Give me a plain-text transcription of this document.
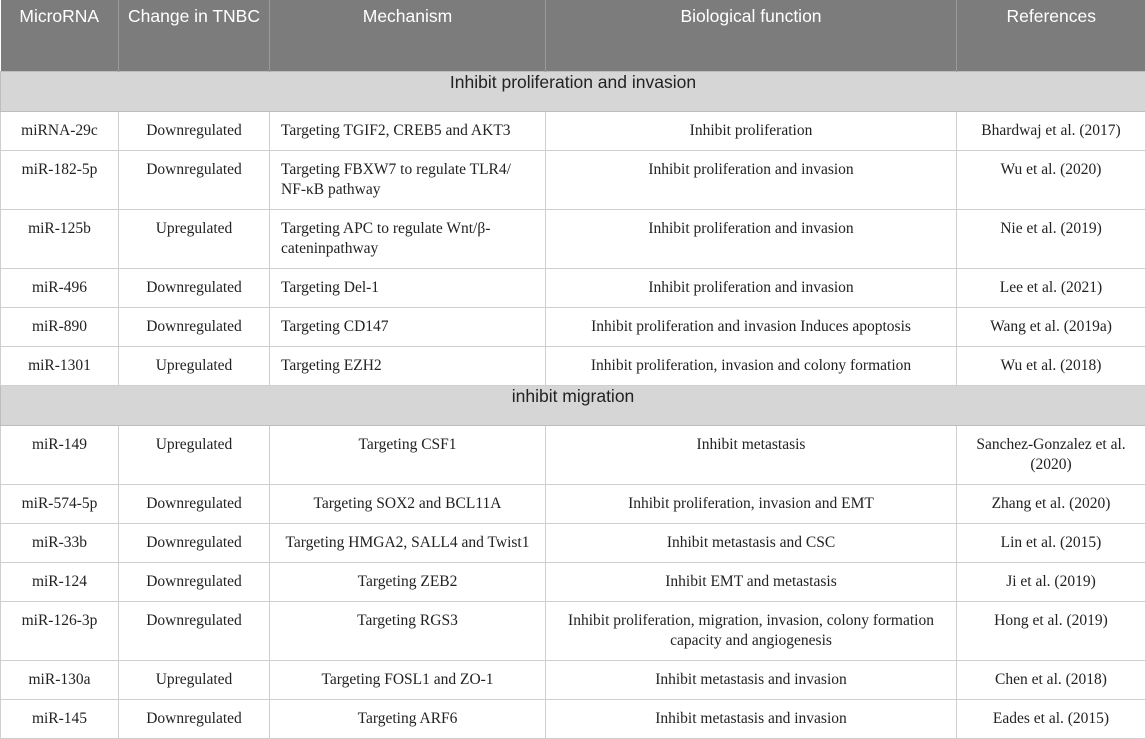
MicroRNA	Change in TNBC	Mechanism	Biological function	References
Inhibit proliferation and invasion				
miRNA-29c	Downregulated	Targeting TGIF2, CREB5 and AKT3	Inhibit proliferation	Bhardwaj et al. (2017)
miR-182-5p	Downregulated	Targeting FBXW7 to regulate TLR4/ NF-κB pathway	Inhibit proliferation and invasion	Wu et al. (2020)
miR-125b	Upregulated	Targeting APC to regulate Wnt/β-cateninpathway	Inhibit proliferation and invasion	Nie et al. (2019)
miR-496	Downregulated	Targeting Del-1	Inhibit proliferation and invasion	Lee et al. (2021)
miR-890	Downregulated	Targeting CD147	Inhibit proliferation and invasion Induces apoptosis	Wang et al. (2019a)
miR-1301	Upregulated	Targeting EZH2	Inhibit proliferation, invasion and colony formation	Wu et al. (2018)
inhibit migration				
miR-149	Upregulated	Targeting CSF1	Inhibit metastasis	Sanchez-Gonzalez et al. (2020)
miR-574-5p	Downregulated	Targeting SOX2 and BCL11A	Inhibit proliferation, invasion and EMT	Zhang et al. (2020)
miR-33b	Downregulated	Targeting HMGA2, SALL4 and Twist1	Inhibit metastasis and CSC	Lin et al. (2015)
miR-124	Downregulated	Targeting ZEB2	Inhibit EMT and metastasis	Ji et al. (2019)
miR-126-3p	Downregulated	Targeting RGS3	Inhibit proliferation, migration, invasion, colony formation capacity and angiogenesis	Hong et al. (2019)
miR-130a	Upregulated	Targeting FOSL1 and ZO-1	Inhibit metastasis and invasion	Chen et al. (2018)
miR-145	Downregulated	Targeting ARF6	Inhibit metastasis and invasion	Eades et al. (2015)
